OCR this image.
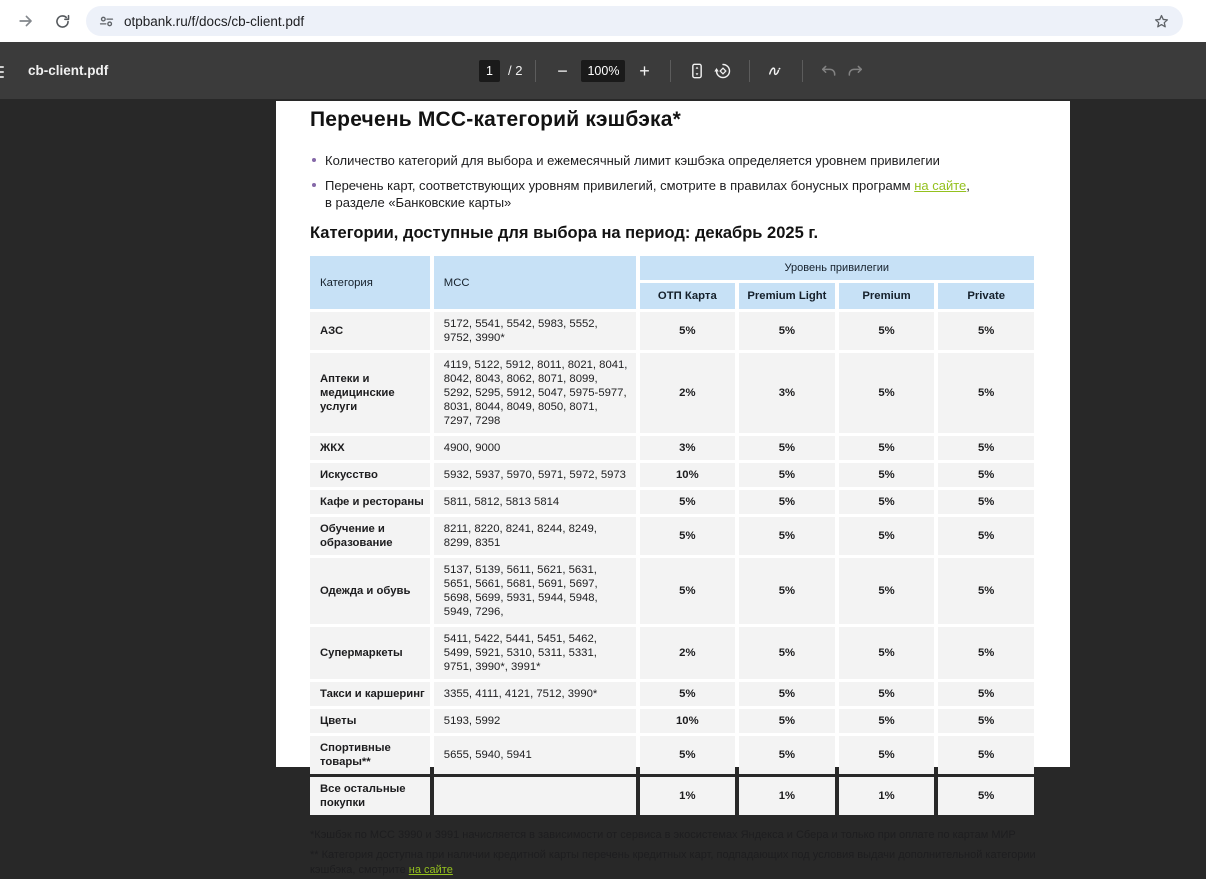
otpbank.ru/f/docs/cb-client.pdf
cb-client.pdf
1	/ 2 −	100%	+
Перечень MCC-категорий кэшбэка*
Количество категорий для выбора и ежемесячный лимит кэшбэка определяется уровнем привилегии
Перечень карт, соответствующих уровням привилегий, смотрите в правилах бонусных программ на сайте,
в разделе «Банковские карты»
Категории, доступные для выбора на период: декабрь 2025 г.
Категория	MCC	Уровень привилегии			
		ОТП Карта	Premium Light	Premium	Private
АЗС	5172, 5541, 5542, 5983, 5552, 9752, 3990*	5%	5%	5%	5%
Аптеки и медицинские услуги	4119, 5122, 5912, 8011, 8021, 8041, 8042, 8043, 8062, 8071, 8099, 5292, 5295, 5912, 5047, 5975-5977, 8031, 8044, 8049, 8050, 8071, 7297, 7298	2%	3%	5%	5%
ЖКХ	4900, 9000	3%	5%	5%	5%
Искусство	5932, 5937, 5970, 5971, 5972, 5973	10%	5%	5%	5%
Кафе и рестораны	5811, 5812, 5813 5814	5%	5%	5%	5%
Обучение и образование	8211, 8220, 8241, 8244, 8249, 8299, 8351	5%	5%	5%	5%
Одежда и обувь	5137, 5139, 5611, 5621, 5631, 5651, 5661, 5681, 5691, 5697, 5698, 5699, 5931, 5944, 5948, 5949, 7296,	5%	5%	5%	5%
Супермаркеты	5411, 5422, 5441, 5451, 5462, 5499, 5921, 5310, 5311, 5331, 9751, 3990*, 3991*	2%	5%	5%	5%
Такси и каршеринг	3355, 4111, 4121, 7512, 3990*	5%	5%	5%	5%
Цветы	5193, 5992	10%	5%	5%	5%
Спортивные товары**	5655, 5940, 5941	5%	5%	5%	5%
Все остальные покупки		1%	1%	1%	5%
*Кэшбэк по MCC 3990 и 3991 начисляется в зависимости от сервиса в экосистемах Яндекса и Сбера и только при оплате по картам МИР
** Категория доступна при наличии кредитной карты перечень кредитных карт, подпадающих под условия выдачи дополнительной категории кэшбэка, смотрите на сайте
